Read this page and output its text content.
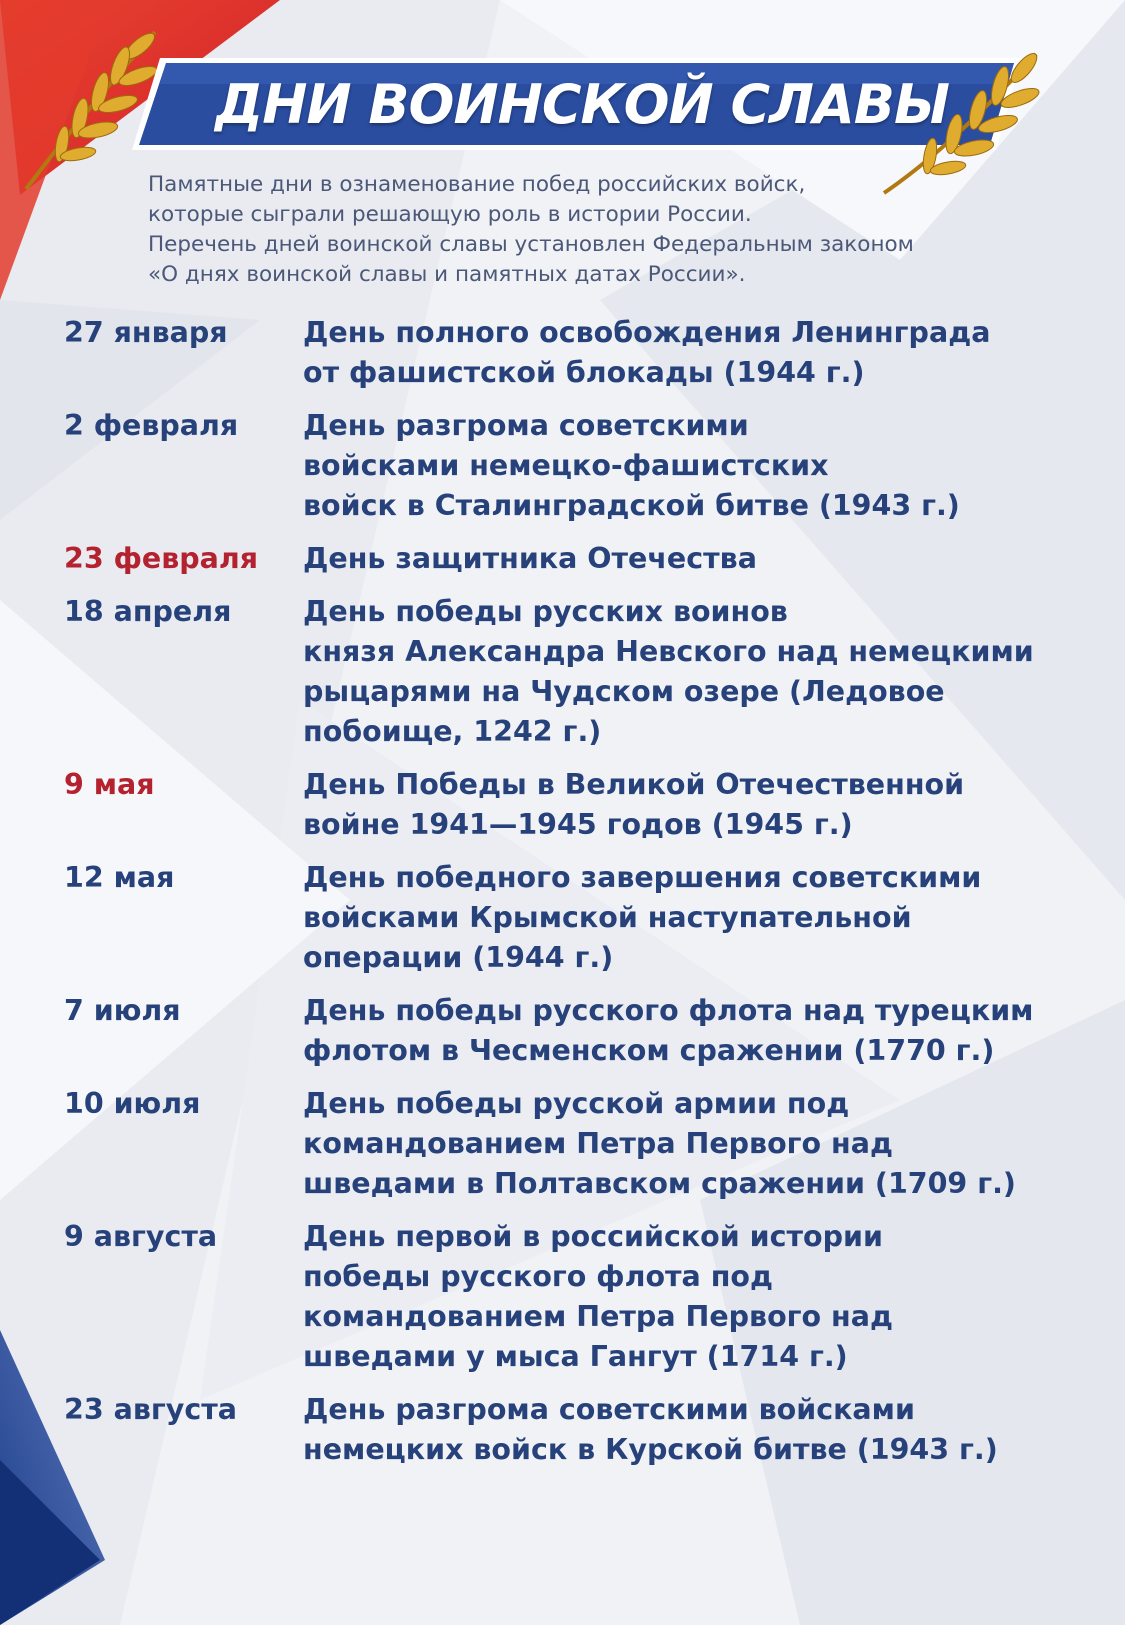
ДНИ ВОИНСКОЙ СЛАВЫ
Памятные дни в ознаменование побед российских войск,
которые сыграли решающую роль в истории России.
Перечень дней воинской славы установлен Федеральным законом
«О днях воинской славы и памятных датах России».
27 января	День полного освобождения Ленинграда
от фашистской блокады (1944 г.)
2 февраля	День разгрома советскими
войсками немецко-фашистских
войск в Сталинградской битве (1943 г.)
23 февраля	День защитника Отечества
18 апреля	День победы русских воинов
князя Александра Невского над немецкими
рыцарями на Чудском озере (Ледовое
побоище, 1242 г.)
9 мая	День Победы в Великой Отечественной
войне 1941—1945 годов (1945 г.)
12 мая	День победного завершения советскими
войсками Крымской наступательной
операции (1944 г.)
7 июля	День победы русского флота над турецким
флотом в Чесменском сражении (1770 г.)
10 июля	День победы русской армии под
командованием Петра Первого над
шведами в Полтавском сражении (1709 г.)
9 августа	День первой в российской истории
победы русского флота под
командованием Петра Первого над
шведами у мыса Гангут (1714 г.)
23 августа	День разгрома советскими войсками
немецких войск в Курской битве (1943 г.)
